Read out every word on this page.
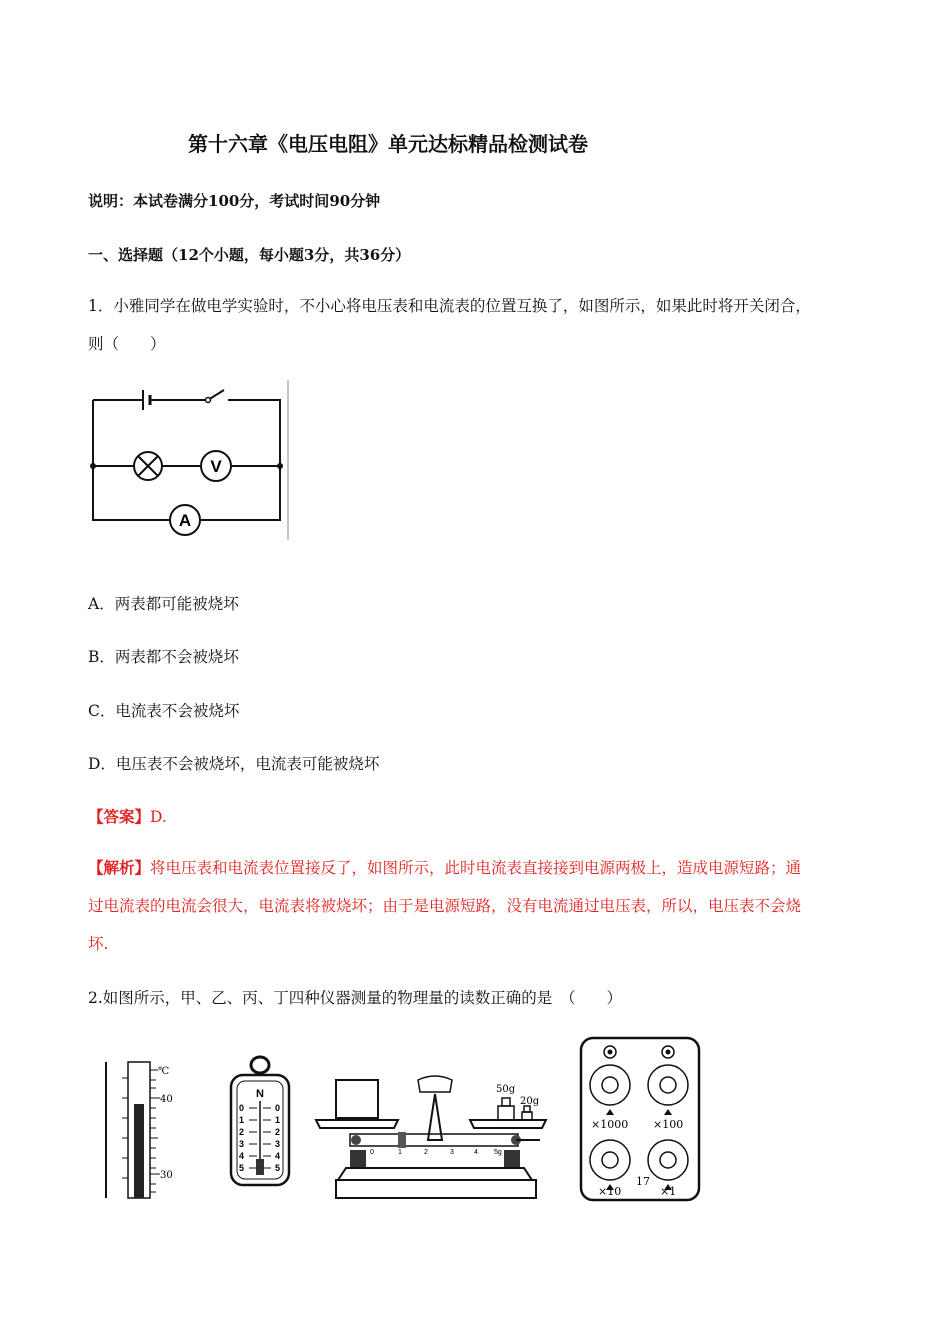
第十六章《电压电阻》单元达标精品检测试卷
说明：本试卷满分100分，考试时间90分钟
一、选择题（12个小题，每小题3分，共36分）
1．小雅同学在做电学实验时，不小心将电压表和电流表的位置互换了，如图所示，如果此时将开关闭合，
则（　　）
V
A
A．两表都可能被烧坏
B．两表都不会被烧坏
C．电流表不会被烧坏
D．电压表不会被烧坏，电流表可能被烧坏
【答案】D.
【解析】将电压表和电流表位置接反了，如图所示，此时电流表直接接到电源两极上，造成电源短路；通
过电流表的电流会很大，电流表将被烧坏；由于是电源短路，没有电流通过电压表，所以，电压表不会烧
坏.
2.如图所示，甲、乙、丙、丁四种仪器测量的物理量的读数正确的是　（　　）
℃
40
30
N
0
1
2
3
4
5
0
1
2
3
4
5
50g
20g
0	1	2	3	4 5g
×1000 ×100
×10	×1
17
